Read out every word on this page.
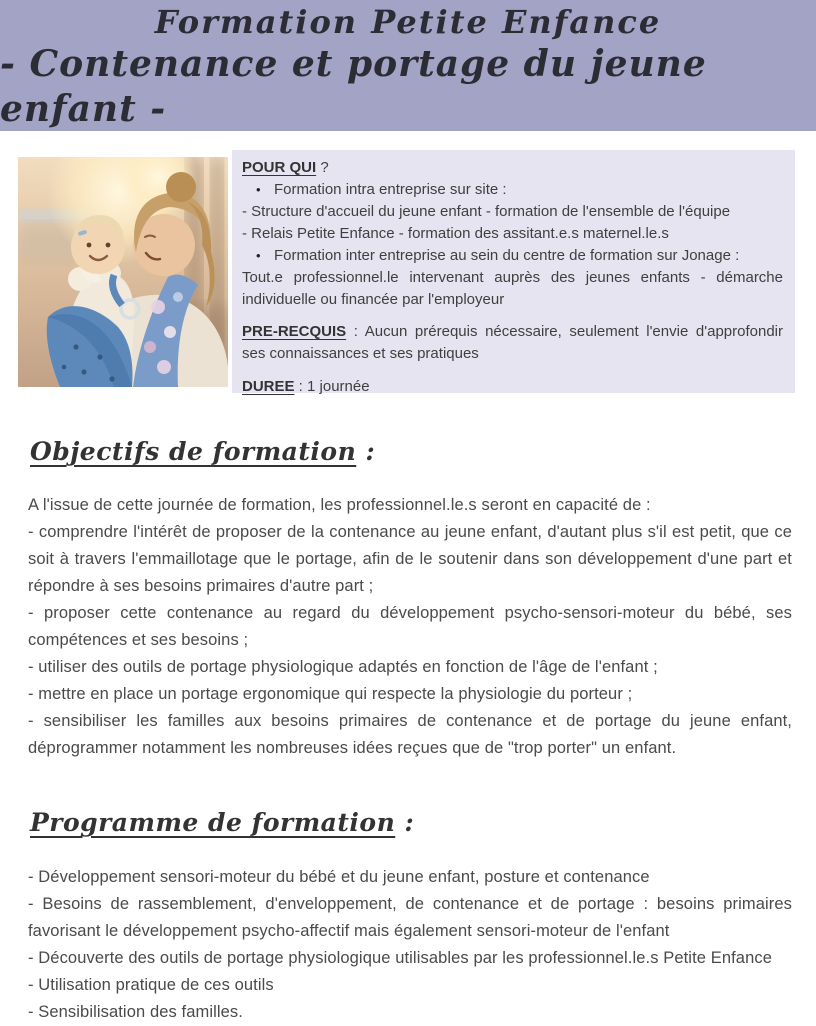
Formation Petite Enfance
- Contenance et portage du jeune enfant -
POUR QUI ?
• Formation intra entreprise sur site :
- Structure d'accueil du jeune enfant - formation de l'ensemble de l'équipe
- Relais Petite Enfance - formation des assitant.e.s maternel.le.s
• Formation inter entreprise au sein du centre de formation sur Jonage :
Tout.e professionnel.le intervenant auprès des jeunes enfants - démarche individuelle ou financée par l'employeur

PRE-RECQUIS : Aucun prérequis nécessaire, seulement l'envie d'approfondir ses connaissances et ses pratiques

DUREE : 1 journée

Objectifs de formation :

A l'issue de cette journée de formation, les professionnel.le.s seront en capacité de :

- comprendre l'intérêt de proposer de la contenance au jeune enfant, d'autant plus s'il est petit, que ce soit à travers l'emmaillotage que le portage, afin de le soutenir dans son développement d'une part et répondre à ses besoins primaires d'autre part ;

- proposer cette contenance au regard du développement psycho-sensori-moteur du bébé, ses compétences et ses besoins ;

- utiliser des outils de portage physiologique adaptés en fonction de l'âge de l'enfant ;

- mettre en place un portage ergonomique qui respecte la physiologie du porteur ;

- sensibiliser les familles aux besoins primaires de contenance et de portage du jeune enfant, déprogrammer notamment les nombreuses idées reçues que de "trop porter" un enfant.

Programme de formation :

- Développement sensori-moteur du bébé et du jeune enfant, posture et contenance

- Besoins de rassemblement, d'enveloppement, de contenance et de portage : besoins primaires favorisant le développement psycho-affectif mais également sensori-moteur de l'enfant

- Découverte des outils de portage physiologique utilisables par les professionnel.le.s Petite Enfance

- Utilisation pratique de ces outils

- Sensibilisation des familles.
